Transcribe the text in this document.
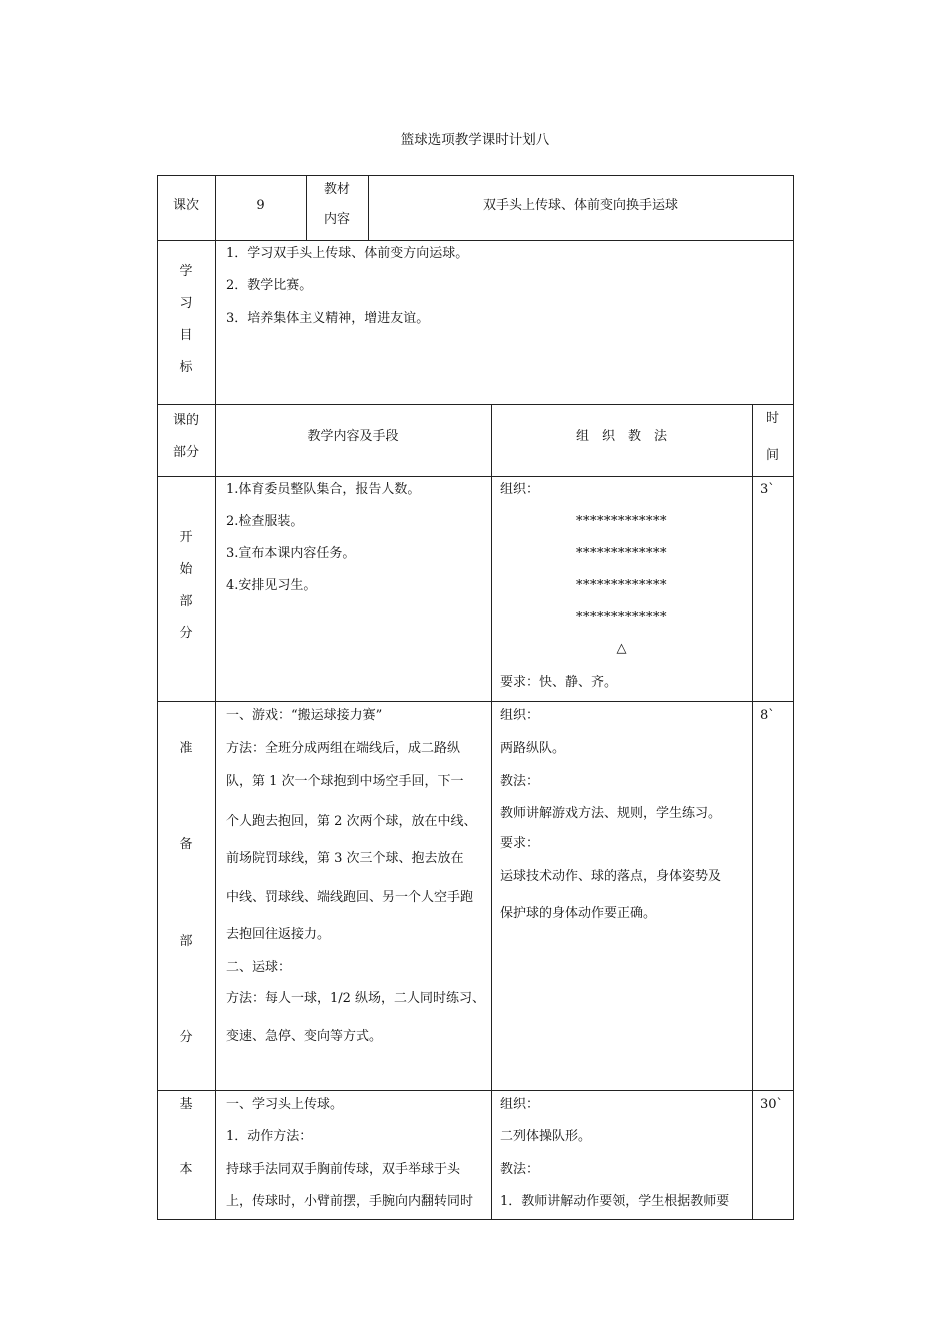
篮球选项教学课时计划八
课次	9
教材
内容
双手头上传球、体前变向换手运球
学
习
目
标
1．学习双手头上传球、体前变方向运球。
2．教学比赛。
3．培养集体主义精神，增进友谊。
课的
部分
教学内容及手段	组　织　教　法
时
间
开
始
部
分
1.体育委员整队集合，报告人数。
2.检查服装。
3.宣布本课内容任务。
4.安排见习生。
组织：
*************
*************
*************
*************
△
要求：快、静、齐。
3`
准
备
部
分
一、游戏：“搬运球接力赛”
方法：全班分成两组在端线后，成二路纵
队，第 1 次一个球抱到中场空手回，下一
个人跑去抱回，第 2 次两个球，放在中线、
前场院罚球线，第 3 次三个球、抱去放在
中线、罚球线、端线跑回、另一个人空手跑
去抱回往返接力。
二、运球：
方法：每人一球，1/2 纵场，二人同时练习、
变速、急停、变向等方式。
组织：
两路纵队。
教法：
教师讲解游戏方法、规则，学生练习。
要求：
运球技术动作、球的落点，身体姿势及
保护球的身体动作要正确。
8`
基
本
一、学习头上传球。
1．动作方法：
持球手法同双手胸前传球，双手举球于头
上，传球时，小臂前摆，手腕向内翻转同时
组织：
二列体操队形。
教法：
1．教师讲解动作要领，学生根据教师要
30`
